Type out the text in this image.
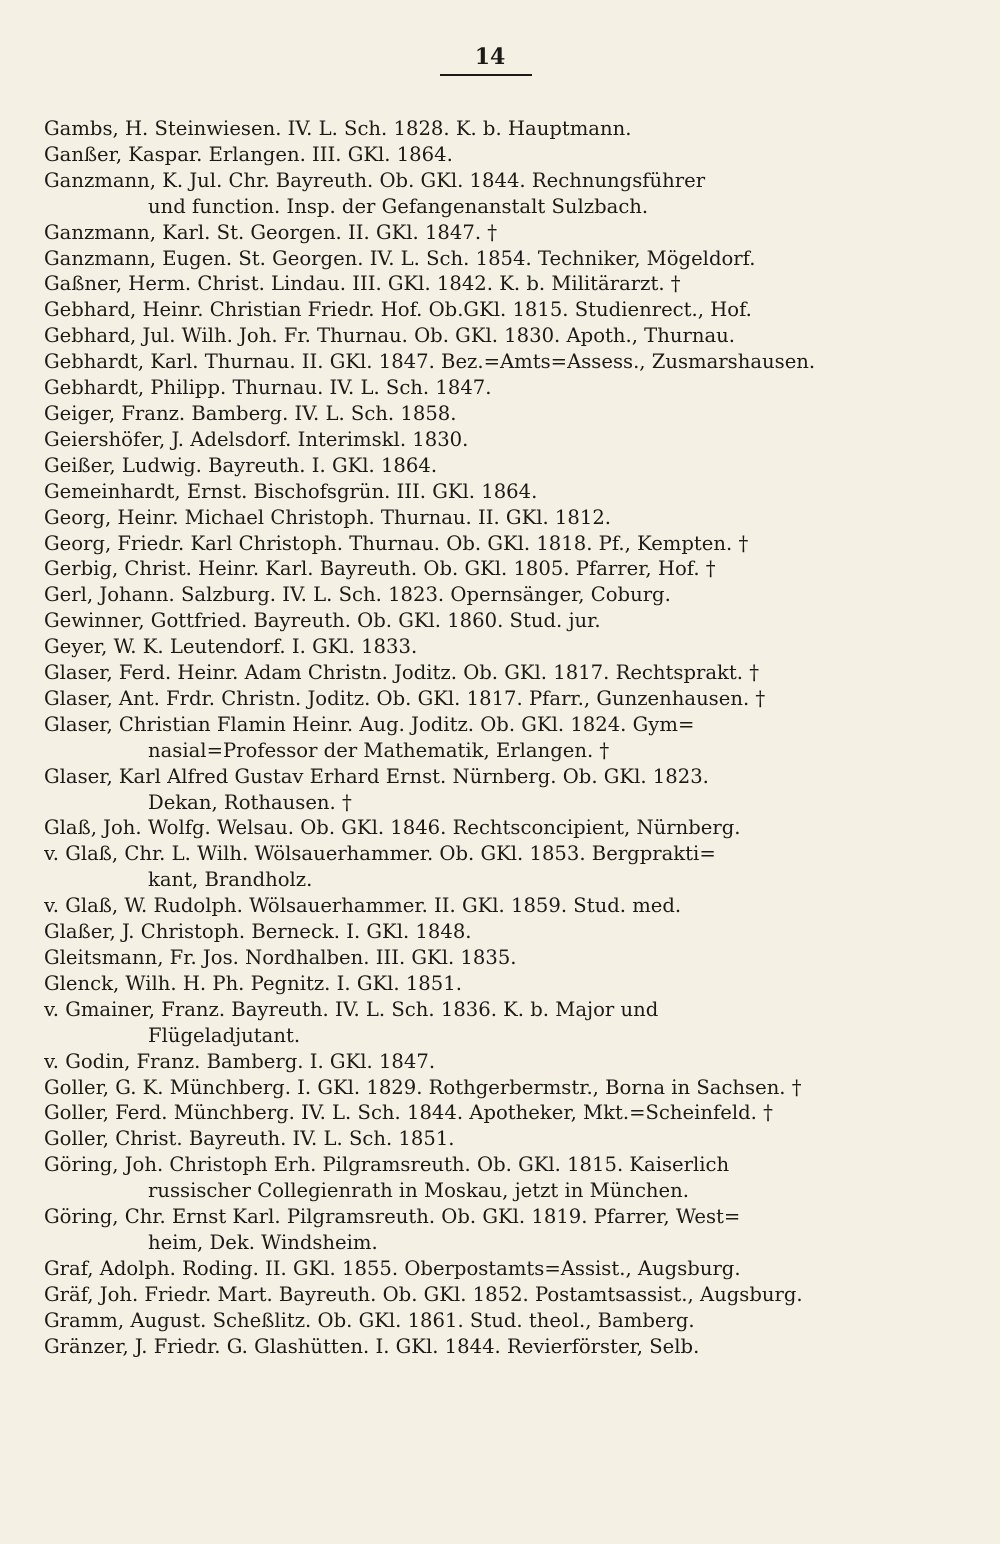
14
Gambs, H. Steinwiesen. IV. L. Sch. 1828. K. b. Hauptmann.
Ganßer, Kaspar. Erlangen. III. GKl. 1864.
Ganzmann, K. Jul. Chr. Bayreuth. Ob. GKl. 1844. Rechnungsführer
und function. Insp. der Gefangenanstalt Sulzbach.
Ganzmann, Karl. St. Georgen. II. GKl. 1847. †
Ganzmann, Eugen. St. Georgen. IV. L. Sch. 1854. Techniker, Mögeldorf.
Gaßner, Herm. Christ. Lindau. III. GKl. 1842. K. b. Militärarzt. †
Gebhard, Heinr. Christian Friedr. Hof. Ob.GKl. 1815. Studienrect., Hof.
Gebhard, Jul. Wilh. Joh. Fr. Thurnau. Ob. GKl. 1830. Apoth., Thurnau.
Gebhardt, Karl. Thurnau. II. GKl. 1847. Bez.=Amts=Assess., Zusmarshausen.
Gebhardt, Philipp. Thurnau. IV. L. Sch. 1847.
Geiger, Franz. Bamberg. IV. L. Sch. 1858.
Geiershöfer, J. Adelsdorf. Interimskl. 1830.
Geißer, Ludwig. Bayreuth. I. GKl. 1864.
Gemeinhardt, Ernst. Bischofsgrün. III. GKl. 1864.
Georg, Heinr. Michael Christoph. Thurnau. II. GKl. 1812.
Georg, Friedr. Karl Christoph. Thurnau. Ob. GKl. 1818. Pf., Kempten. †
Gerbig, Christ. Heinr. Karl. Bayreuth. Ob. GKl. 1805. Pfarrer, Hof. †
Gerl, Johann. Salzburg. IV. L. Sch. 1823. Opernsänger, Coburg.
Gewinner, Gottfried. Bayreuth. Ob. GKl. 1860. Stud. jur.
Geyer, W. K. Leutendorf. I. GKl. 1833.
Glaser, Ferd. Heinr. Adam Christn. Joditz. Ob. GKl. 1817. Rechtsprakt. †
Glaser, Ant. Frdr. Christn. Joditz. Ob. GKl. 1817. Pfarr., Gunzenhausen. †
Glaser, Christian Flamin Heinr. Aug. Joditz. Ob. GKl. 1824. Gym=
nasial=Professor der Mathematik, Erlangen. †
Glaser, Karl Alfred Gustav Erhard Ernst. Nürnberg. Ob. GKl. 1823.
Dekan, Rothausen. †
Glaß, Joh. Wolfg. Welsau. Ob. GKl. 1846. Rechtsconcipient, Nürnberg.
v. Glaß, Chr. L. Wilh. Wölsauerhammer. Ob. GKl. 1853. Bergprakti=
kant, Brandholz.
v. Glaß, W. Rudolph. Wölsauerhammer. II. GKl. 1859. Stud. med.
Glaßer, J. Christoph. Berneck. I. GKl. 1848.
Gleitsmann, Fr. Jos. Nordhalben. III. GKl. 1835.
Glenck, Wilh. H. Ph. Pegnitz. I. GKl. 1851.
v. Gmainer, Franz. Bayreuth. IV. L. Sch. 1836. K. b. Major und
Flügeladjutant.
v. Godin, Franz. Bamberg. I. GKl. 1847.
Goller, G. K. Münchberg. I. GKl. 1829. Rothgerbermstr., Borna in Sachsen. †
Goller, Ferd. Münchberg. IV. L. Sch. 1844. Apotheker, Mkt.=Scheinfeld. †
Goller, Christ. Bayreuth. IV. L. Sch. 1851.
Göring, Joh. Christoph Erh. Pilgramsreuth. Ob. GKl. 1815. Kaiserlich
russischer Collegienrath in Moskau, jetzt in München.
Göring, Chr. Ernst Karl. Pilgramsreuth. Ob. GKl. 1819. Pfarrer, West=
heim, Dek. Windsheim.
Graf, Adolph. Roding. II. GKl. 1855. Oberpostamts=Assist., Augsburg.
Gräf, Joh. Friedr. Mart. Bayreuth. Ob. GKl. 1852. Postamtsassist., Augsburg.
Gramm, August. Scheßlitz. Ob. GKl. 1861. Stud. theol., Bamberg.
Gränzer, J. Friedr. G. Glashütten. I. GKl. 1844. Revierförster, Selb.
